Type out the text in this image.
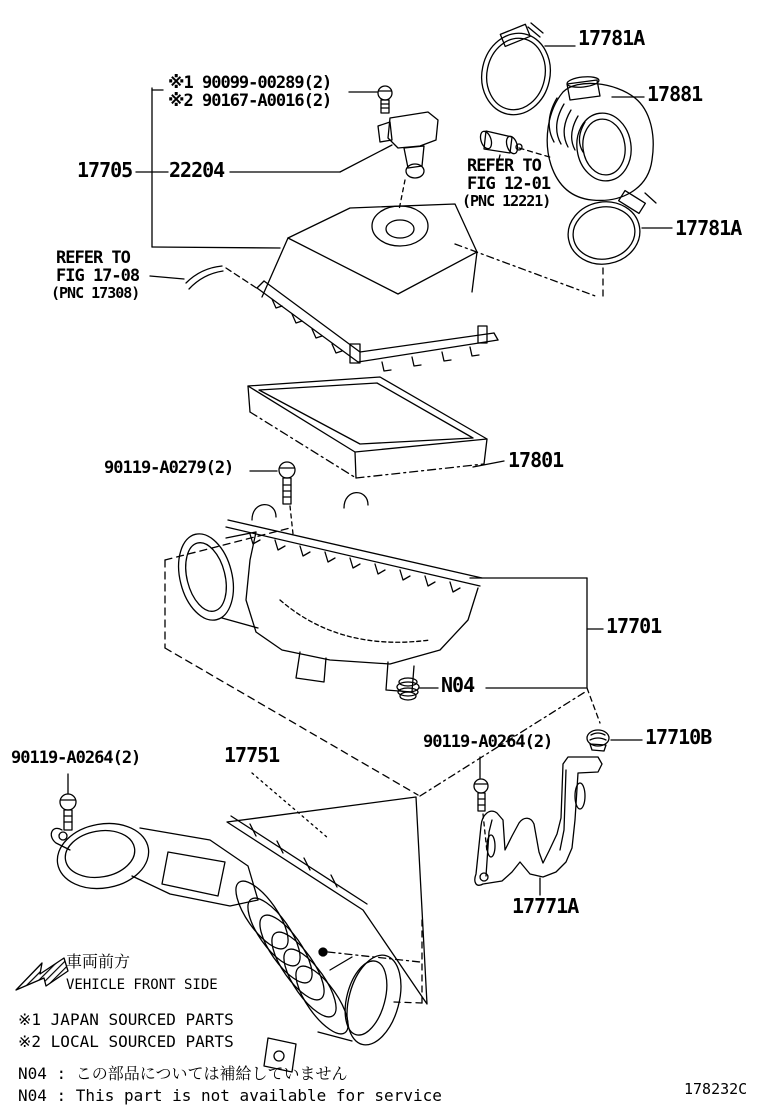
17781A
17881
※1 90099-00289(2)
※2 90167-A0016(2)
17705 22204	REFER TO
FIG 12-01
(PNC 12221)
17781A
REFER TO
FIG 17-08
(PNC 17308)
17801
90119-A0279(2)
17701
N04
90119-A0264(2)	17751
90119-A0264(2)	17710B
17771A
車両前方
VEHICLE FRONT SIDE
※1 JAPAN SOURCED PARTS
※2 LOCAL SOURCED PARTS
N04 : この部品については補給していません
N04 : This part is not available for service	178232C
